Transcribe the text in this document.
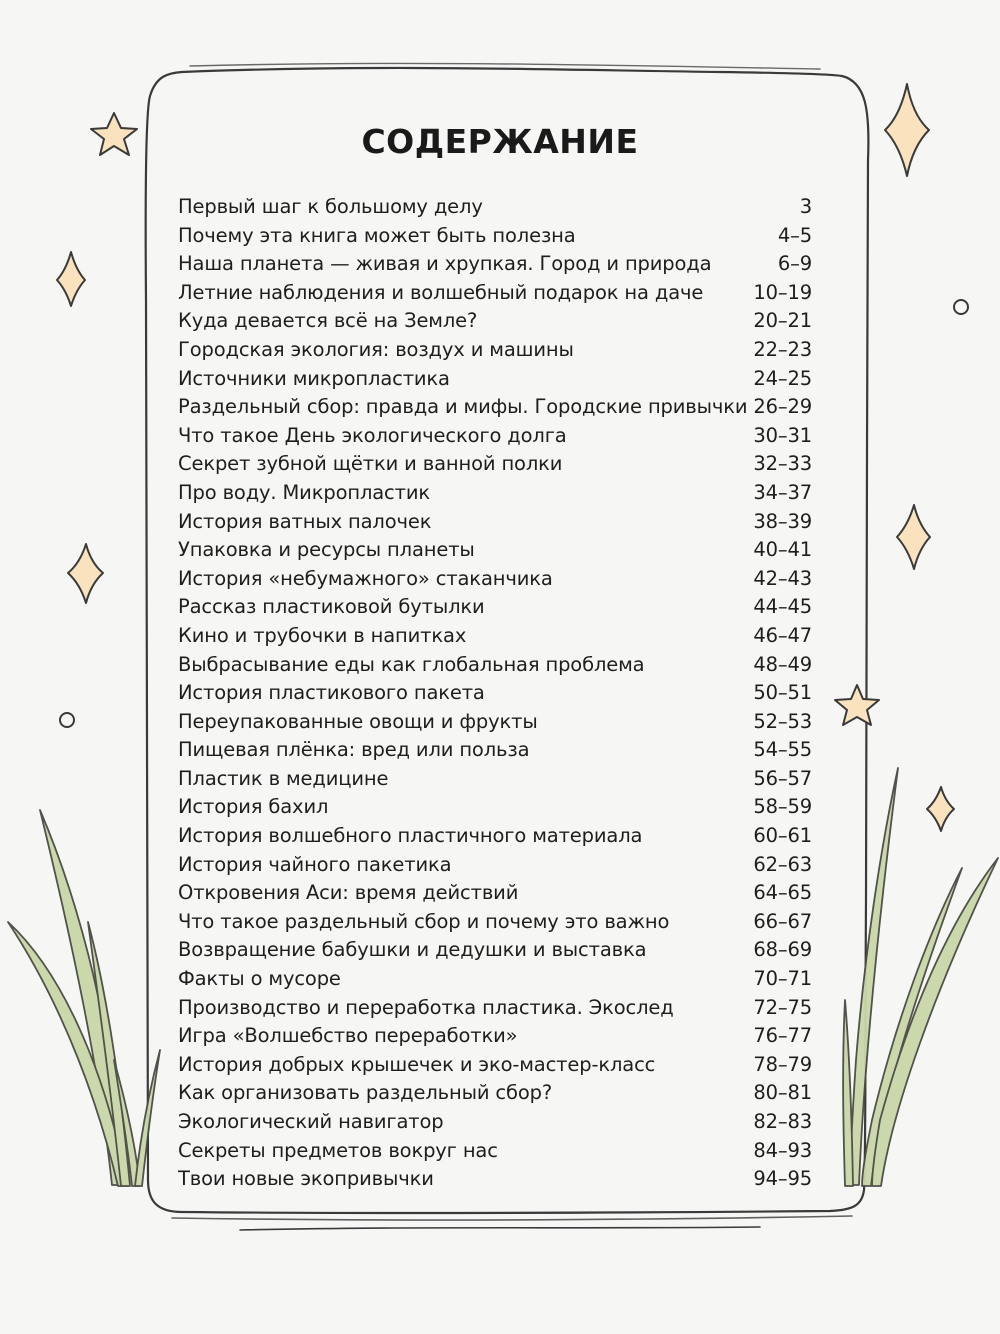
СОДЕРЖАНИЕ
Первый шаг к большому делу	3
Почему эта книга может быть полезна	4–5
Наша планета — живая и хрупкая. Город и природа	6–9
Летние наблюдения и волшебный подарок на даче	10–19
Куда девается всё на Земле?	20–21
Городская экология: воздух и машины	22–23
Источники микропластика	24–25
Раздельный сбор: правда и мифы. Городские привычки 26–29
Что такое День экологического долга	30–31
Секрет зубной щётки и ванной полки	32–33
Про воду. Микропластик	34–37
История ватных палочек	38–39
Упаковка и ресурсы планеты	40–41
История «небумажного» стаканчика	42–43
Рассказ пластиковой бутылки	44–45
Кино и трубочки в напитках	46–47
Выбрасывание еды как глобальная проблема	48–49
История пластикового пакета	50–51
Переупакованные овощи и фрукты	52–53
Пищевая плёнка: вред или польза	54–55
Пластик в медицине	56–57
История бахил	58–59
История волшебного пластичного материала	60–61
История чайного пакетика	62–63
Откровения Аси: время действий	64–65
Что такое раздельный сбор и почему это важно	66–67
Возвращение бабушки и дедушки и выставка	68–69
Факты о мусоре	70–71
Производство и переработка пластика. Экослед	72–75
Игра «Волшебство переработки»	76–77
История добрых крышечек и эко-мастер-класс	78–79
Как организовать раздельный сбор?	80–81
Экологический навигатор	82–83
Секреты предметов вокруг нас	84–93
Твои новые экопривычки	94–95
